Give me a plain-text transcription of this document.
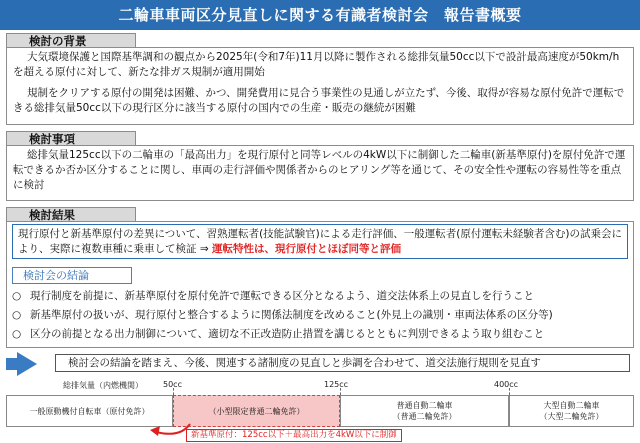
二輪車車両区分見直しに関する有識者検討会　報告書概要
検討の背景

大気環境保護と国際基準調和の観点から2025年(令和7年)11月以降に製作される総排気量50cc以下で設計最高速度が50km/hを超える原付に対して、新たな排ガス規制が適用開始

規制をクリアする原付の開発は困難、かつ、開発費用に見合う事業性の見通しが立たず、今後、取得が容易な原付免許で運転できる総排気量50cc以下の現行区分に該当する原付の国内での生産・販売の継続が困難

検討事項

総排気量125cc以下の二輪車の「最高出力」を現行原付と同等レベルの4kW以下に制御した二輪車(新基準原付)を原付免許で運転できるか否か区分することに関し、車両の走行評価や関係者からのヒアリング等を通じて、その安全性や運転の容易性等を重点に検討

検討結果
現行原付と新基準原付の差異について、習熟運転者(技能試験官)による走行評価、一般運転者(原付運転未経験者含む)の試乗会により、実際に複数車種に乗車して検証 ⇒ 運転特性は、現行原付とほぼ同等と評価
検討会の結論
○ 現行制度を前提に、新基準原付を原付免許で運転できる区分となるよう、道交法体系上の見直しを行うこと
○ 新基準原付の扱いが、現行原付と整合するように関係法制度を改めること(外見上の識別・車両法体系の区分等)
○ 区分の前提となる出力制御について、適切な不正改造防止措置を講じるとともに判別できるよう取り組むこと
検討会の結論を踏まえ、今後、関連する諸制度の見直しと歩調を合わせて、道交法施行規則を見直す
総排気量（内燃機関）	50cc	125cc	400cc
一般原動機付自転車（原付免許）	（小型限定普通二輪免許）
普通自動二輪車
（普通二輪免許）
大型自動二輪車
（大型二輪免許）
新基準原付：125cc以下＋最高出力を4kW以下に制御
